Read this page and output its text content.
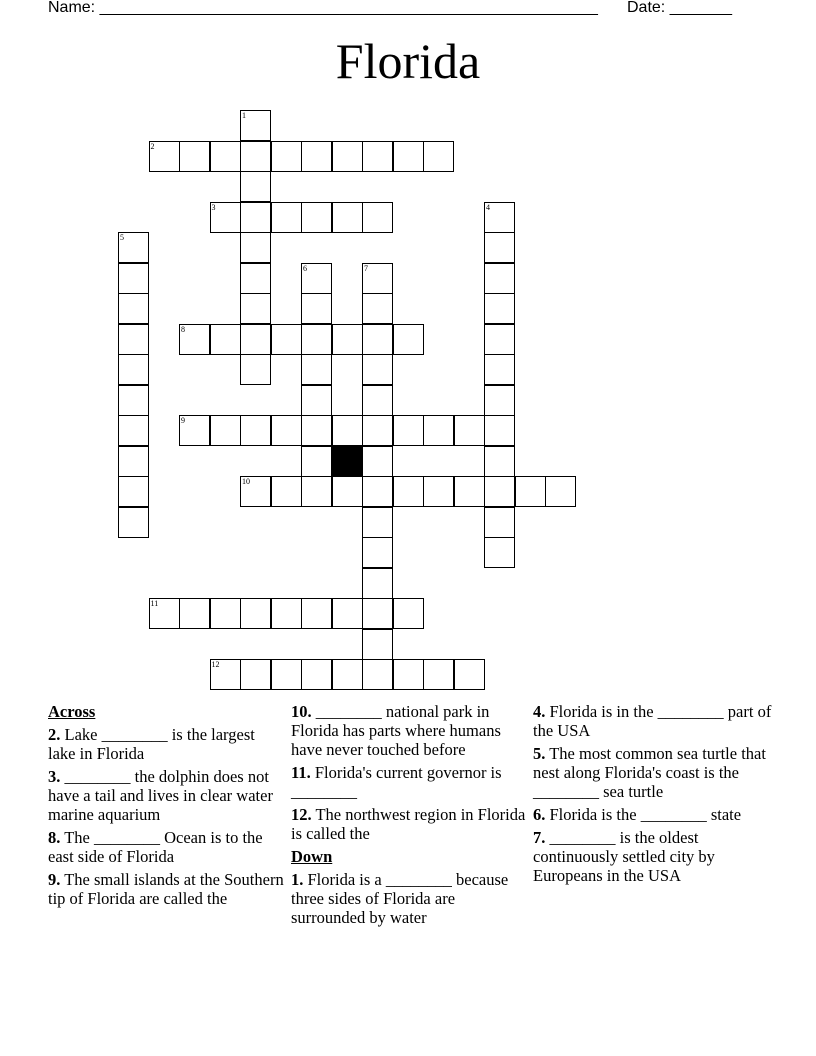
Name: ________________________________________________________ Date: _______
Florida
1
2
3	4
5
6	7
8
9
10
11
12
Across
2. Lake ________ is the largest lake in Florida
3. ________ the dolphin does not have a tail and lives in clear water marine aquarium
8. The ________ Ocean is to the east side of Florida
9. The small islands at the Southern tip of Florida are called the
10. ________ national park in Florida has parts where humans have never touched before
11. Florida's current governor is ________
12. The northwest region in Florida is called the
Down
1. Florida is a ________ because three sides of Florida are surrounded by water
4. Florida is in the ________ part of the USA
5. The most common sea turtle that nest along Florida's coast is the ________ sea turtle
6. Florida is the ________ state
7. ________ is the oldest continuously settled city by Europeans in the USA
